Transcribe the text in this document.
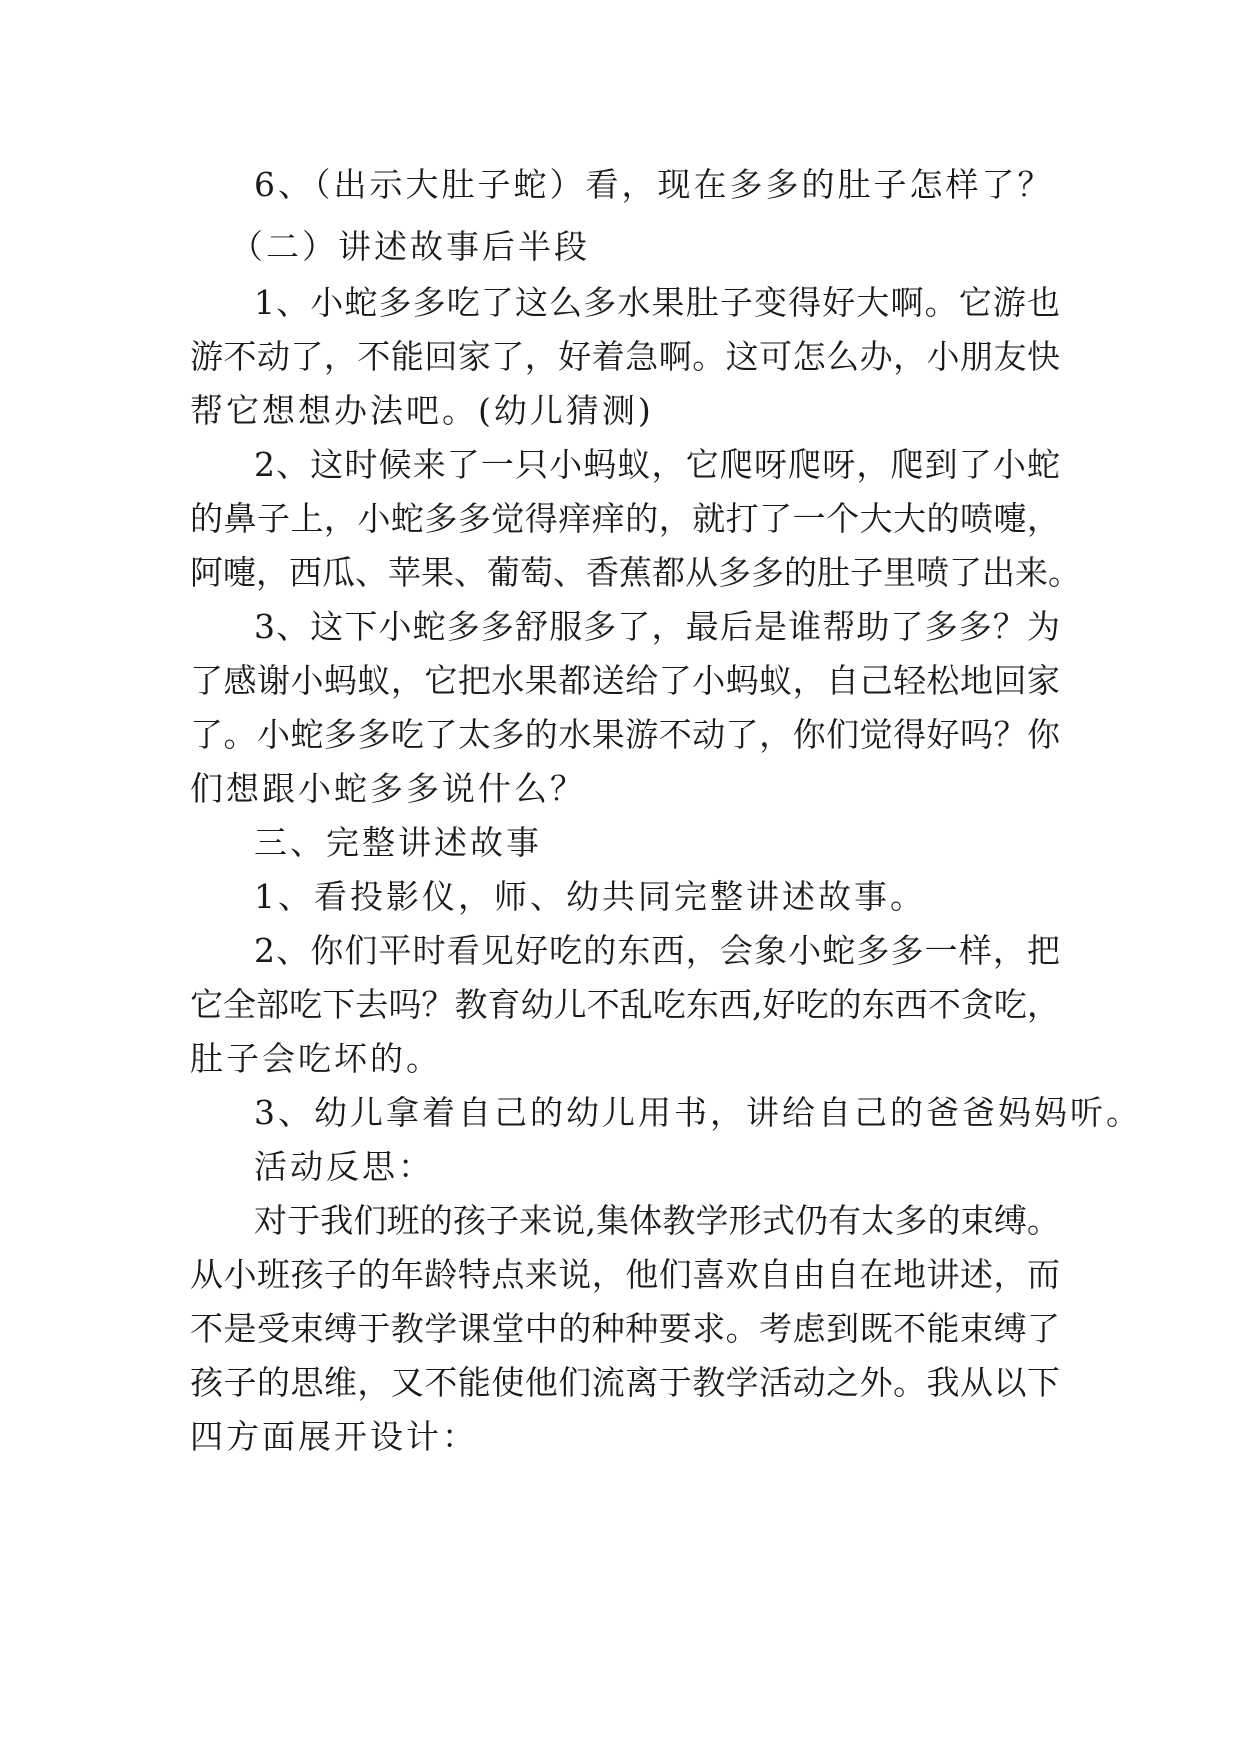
6、（出示大肚子蛇）看，现在多多的肚子怎样了？
（二）讲述故事后半段
1、小蛇多多吃了这么多水果肚子变得好大啊。它游也
游不动了，不能回家了，好着急啊。这可怎么办，小朋友快
帮它想想办法吧。(幼儿猜测)
2、这时候来了一只小蚂蚁，它爬呀爬呀，爬到了小蛇
的鼻子上，小蛇多多觉得痒痒的，就打了一个大大的喷嚏，
阿嚏，西瓜、苹果、葡萄、香蕉都从多多的肚子里喷了出来。
3、这下小蛇多多舒服多了，最后是谁帮助了多多？为
了感谢小蚂蚁，它把水果都送给了小蚂蚁，自己轻松地回家
了。小蛇多多吃了太多的水果游不动了，你们觉得好吗？你
们想跟小蛇多多说什么？
三、完整讲述故事
1、看投影仪，师、幼共同完整讲述故事。
2、你们平时看见好吃的东西，会象小蛇多多一样，把
它全部吃下去吗？教育幼儿不乱吃东西,好吃的东西不贪吃，
肚子会吃坏的。
3、幼儿拿着自己的幼儿用书，讲给自己的爸爸妈妈听。
活动反思：
对于我们班的孩子来说,集体教学形式仍有太多的束缚。
从小班孩子的年龄特点来说，他们喜欢自由自在地讲述，而
不是受束缚于教学课堂中的种种要求。考虑到既不能束缚了
孩子的思维，又不能使他们流离于教学活动之外。我从以下
四方面展开设计：
